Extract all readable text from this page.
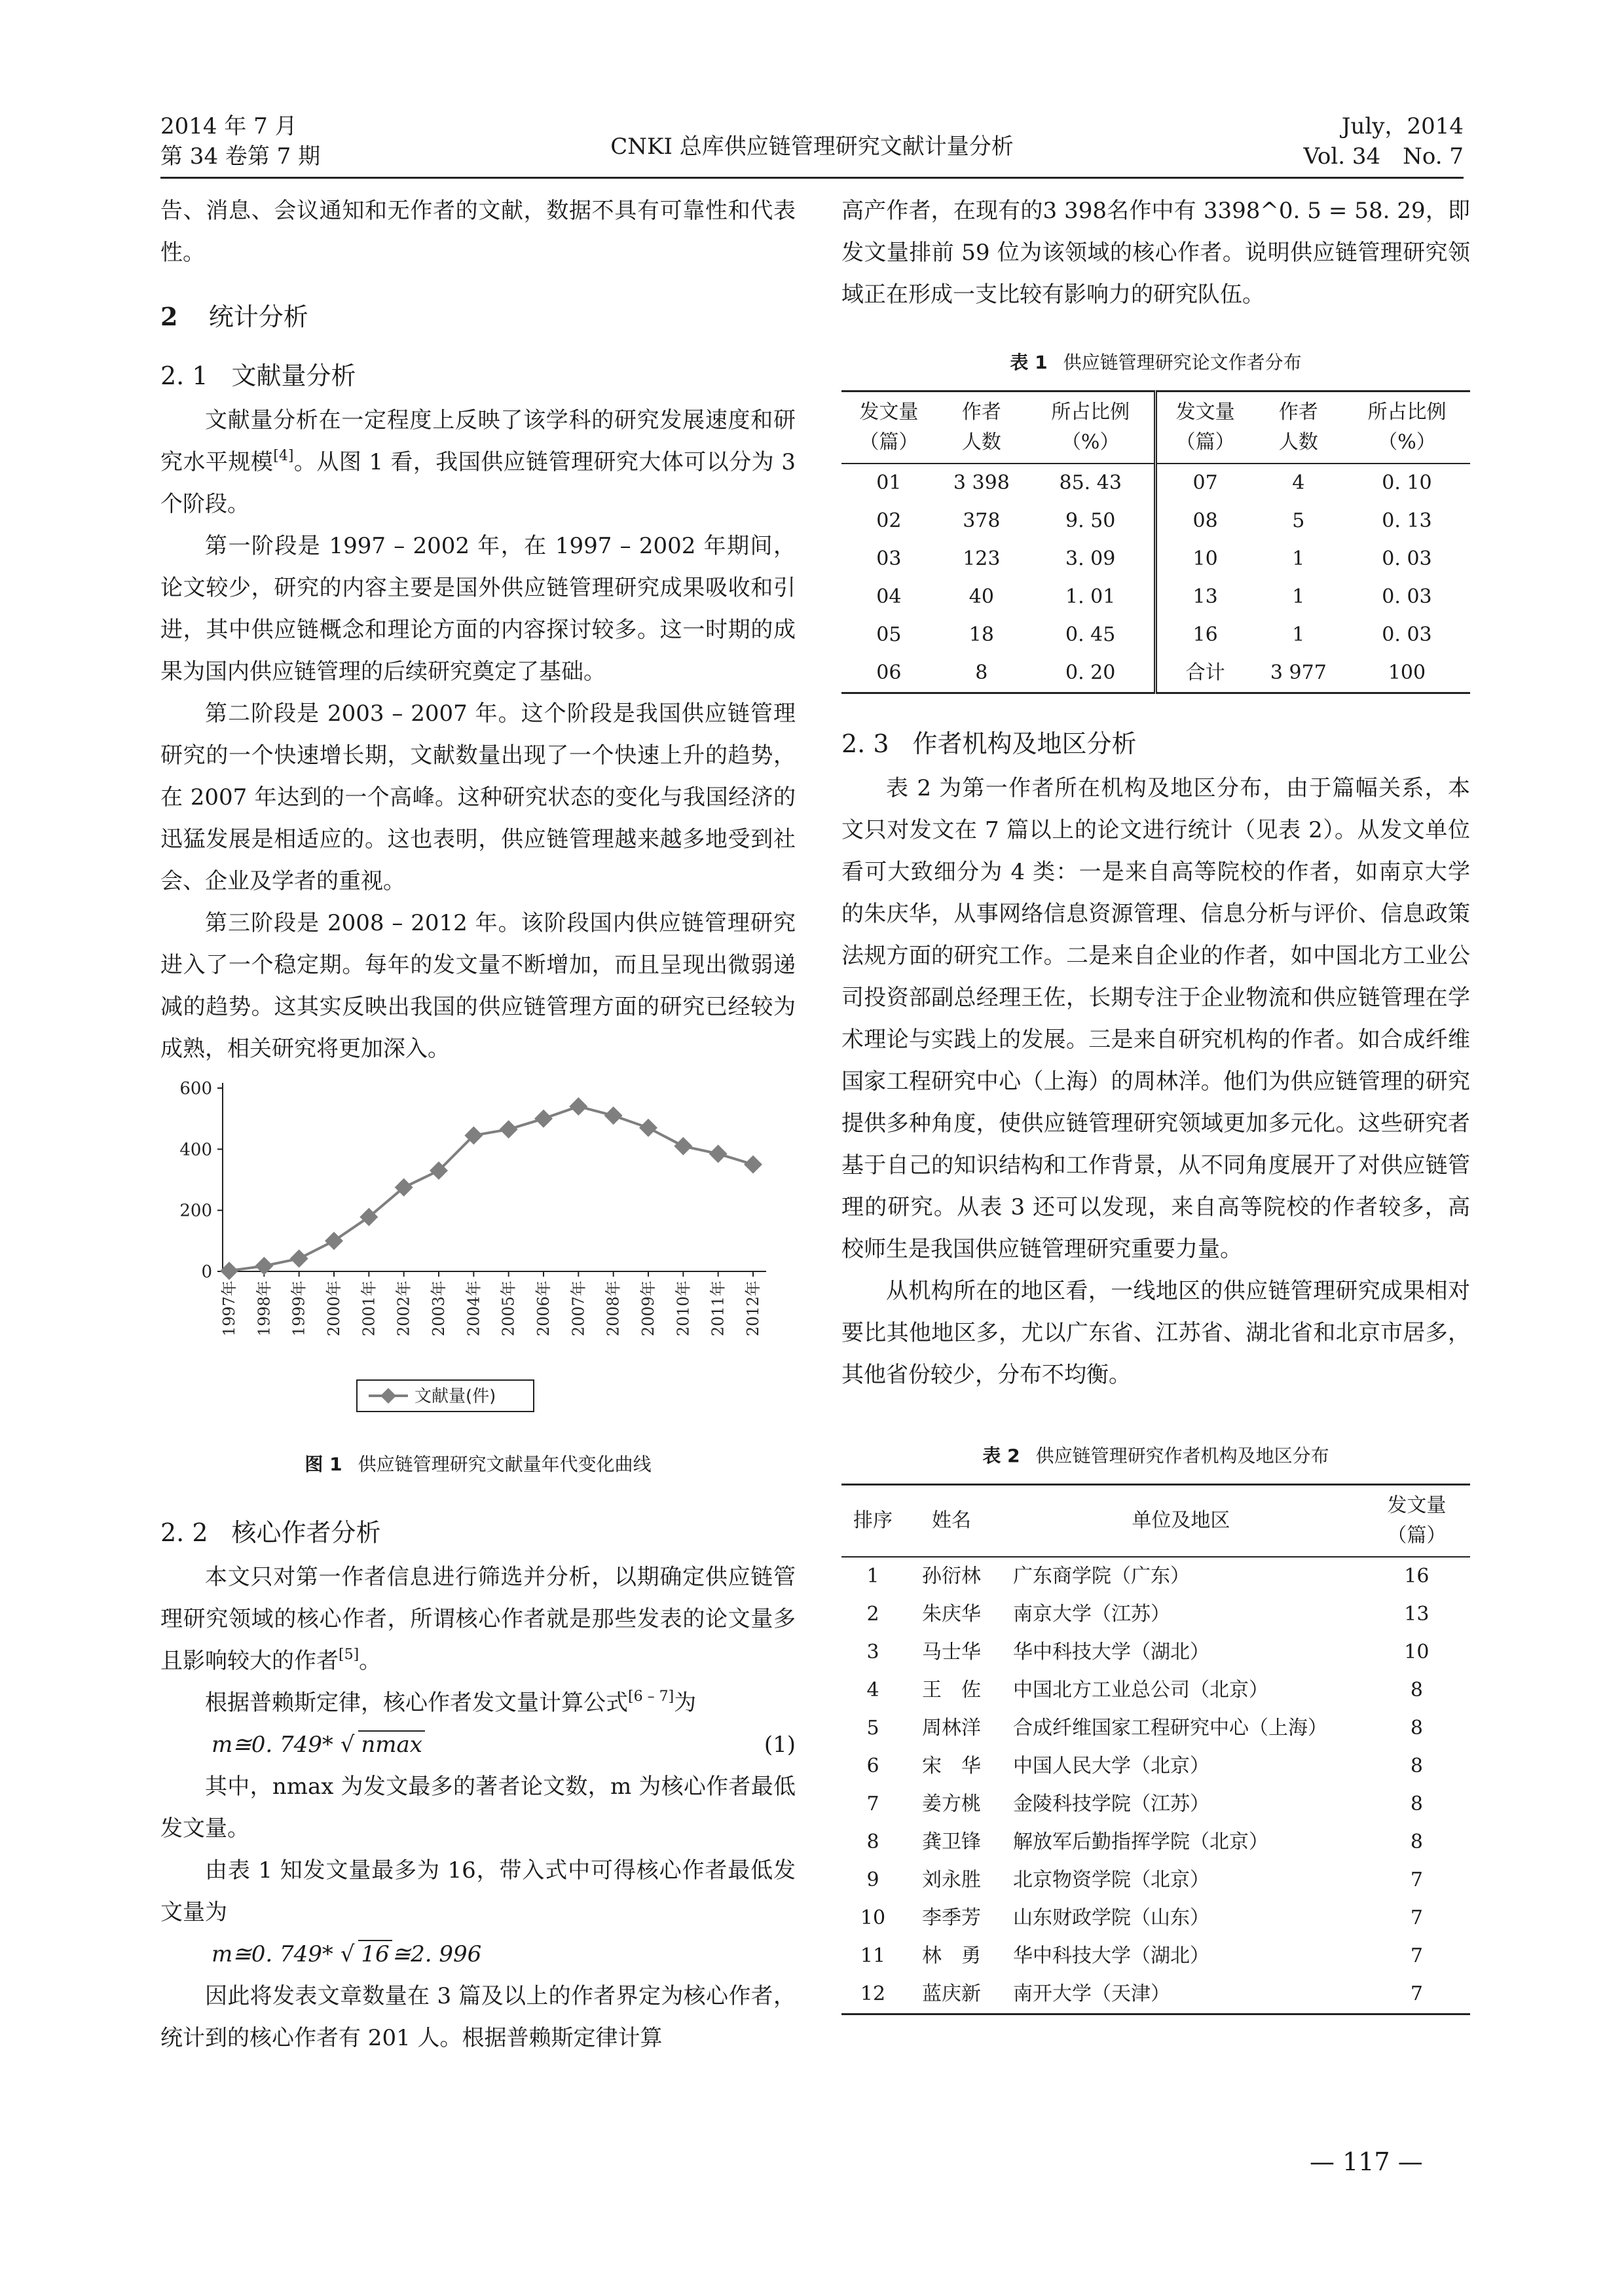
2014 年 7 月
第 34 卷第 7 期	CNKI 总库供应链管理研究文献计量分析
July，2014
Vol. 34　No. 7

告、消息、会议通知和无作者的文献，数据不具有可靠性和代表性。

2 统计分析
2. 1 文献量分析

文献量分析在一定程度上反映了该学科的研究发展速度和研究水平规模[4]。从图 1 看，我国供应链管理研究大体可以分为 3 个阶段。

第一阶段是 1997 – 2002 年，在 1997 – 2002 年期间，论文较少，研究的内容主要是国外供应链管理研究成果吸收和引进，其中供应链概念和理论方面的内容探讨较多。这一时期的成果为国内供应链管理的后续研究奠定了基础。

第二阶段是 2003 – 2007 年。这个阶段是我国供应链管理研究的一个快速增长期，文献数量出现了一个快速上升的趋势，在 2007 年达到的一个高峰。这种研究状态的变化与我国经济的迅猛发展是相适应的。这也表明，供应链管理越来越多地受到社会、企业及学者的重视。

第三阶段是 2008 – 2012 年。该阶段国内供应链管理研究进入了一个稳定期。每年的发文量不断增加，而且呈现出微弱递减的趋势。这其实反映出我国的供应链管理方面的研究已经较为成熟，相关研究将更加深入。

0
200
400
600
1997年 1998年 1999年 2000年 2001年 2002年 2003年 2004年 2005年 2006年 2007年 2008年 2009年 2010年 2011年 2012年
文献量(件)
图 1 供应链管理研究文献量年代变化曲线
2. 2 核心作者分析

本文只对第一作者信息进行筛选并分析，以期确定供应链管理研究领域的核心作者，所谓核心作者就是那些发表的论文量多且影响较大的作者[5]。

根据普赖斯定律，核心作者发文量计算公式[6 – 7]为

m≅0. 749* √ nmax	(1)

其中，nmax 为发文最多的著者论文数，m 为核心作者最低发文量。

由表 1 知发文量最多为 16，带入式中可得核心作者最低发文量为

m≅0. 749* √ 16 ≅2. 996

因此将发表文章数量在 3 篇及以上的作者界定为核心作者，统计到的核心作者有 201 人。根据普赖斯定律计算

高产作者，在现有的3 398名作中有 3398^0. 5 = 58. 29，即发文量排前 59 位为该领域的核心作者。说明供应链管理研究领域正在形成一支比较有影响力的研究队伍。

表 1 供应链管理研究论文作者分布
发文量
（篇）	作者
人数	所占比例
（%）	发文量
（篇）	作者
人数	所占比例
（%）
01	3 398	85. 43	07	4	0. 10
02	378	9. 50	08	5	0. 13
03	123	3. 09	10	1	0. 03
04	40	1. 01	13	1	0. 03
05	18	0. 45	16	1	0. 03
06	8	0. 20	合计	3 977	100
2. 3 作者机构及地区分析

表 2 为第一作者所在机构及地区分布，由于篇幅关系，本文只对发文在 7 篇以上的论文进行统计（见表 2）。从发文单位看可大致细分为 4 类：一是来自高等院校的作者，如南京大学的朱庆华，从事网络信息资源管理、信息分析与评价、信息政策法规方面的研究工作。二是来自企业的作者，如中国北方工业公司投资部副总经理王佐，长期专注于企业物流和供应链管理在学术理论与实践上的发展。三是来自研究机构的作者。如合成纤维国家工程研究中心（上海）的周林洋。他们为供应链管理的研究提供多种角度，使供应链管理研究领域更加多元化。这些研究者基于自己的知识结构和工作背景，从不同角度展开了对供应链管理的研究。从表 3 还可以发现，来自高等院校的作者较多，高校师生是我国供应链管理研究重要力量。

从机构所在的地区看，一线地区的供应链管理研究成果相对要比其他地区多，尤以广东省、江苏省、湖北省和北京市居多，其他省份较少，分布不均衡。

表 2 供应链管理研究作者机构及地区分布
排序	姓名	单位及地区	发文量
（篇）
1	孙衍林	广东商学院（广东）	16
2	朱庆华	南京大学（江苏）	13
3	马士华	华中科技大学（湖北）	10
4	王　佐	中国北方工业总公司（北京）	8
5	周林洋	合成纤维国家工程研究中心（上海）	8
6	宋　华	中国人民大学（北京）	8
7	姜方桃	金陵科技学院（江苏）	8
8	龚卫锋	解放军后勤指挥学院（北京）	8
9	刘永胜	北京物资学院（北京）	7
10	李季芳	山东财政学院（山东）	7
11	林　勇	华中科技大学（湖北）	7
12	蓝庆新	南开大学（天津）	7
— 117 —
